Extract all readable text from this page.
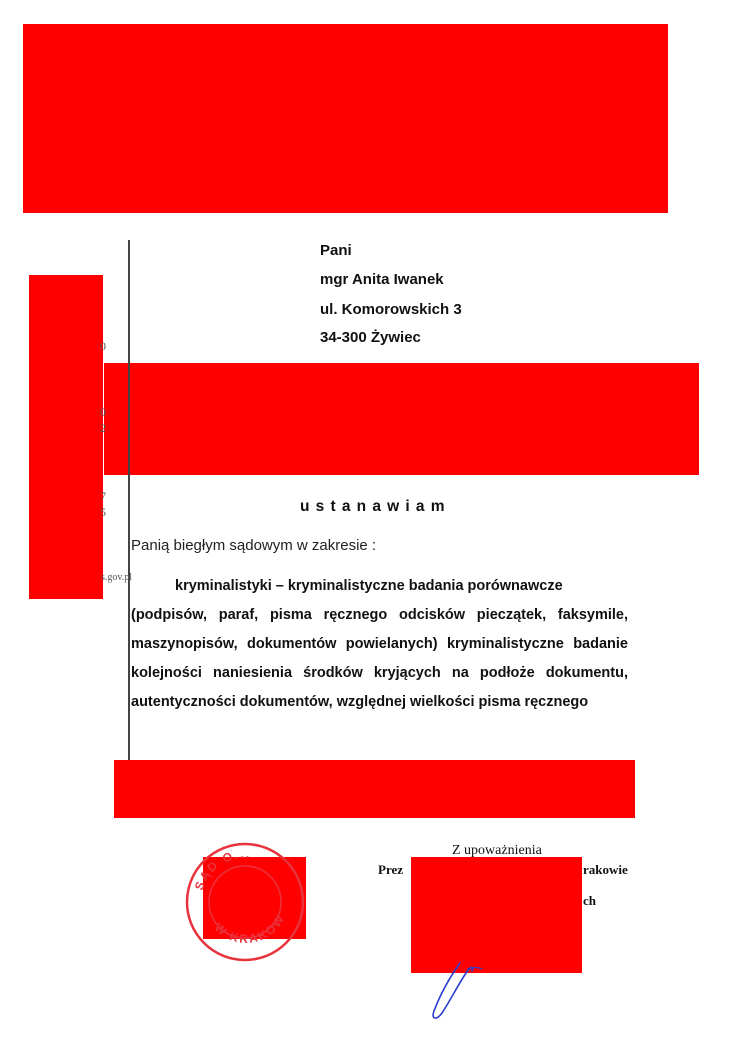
0
0
2
7
5
s.gov.pl
Pani
mgr Anita Iwanek
ul. Komorowskich 3
34-300 Żywiec
ustanawiam
Panią biegłym sądowym w zakresie :
kryminalistyki – kryminalistyczne badania porównawcze
(podpisów, paraf, pisma ręcznego odcisków pieczątek, faksymile, maszynopisów, dokumentów powielanych) kryminalistyczne badanie kolejności naniesienia środków kryjących na podłoże dokumentu, autentyczności dokumentów, względnej wielkości pisma ręcznego
Z upoważnienia
Prez	rakowie
ch
SĄD O...
W KRAKOW
